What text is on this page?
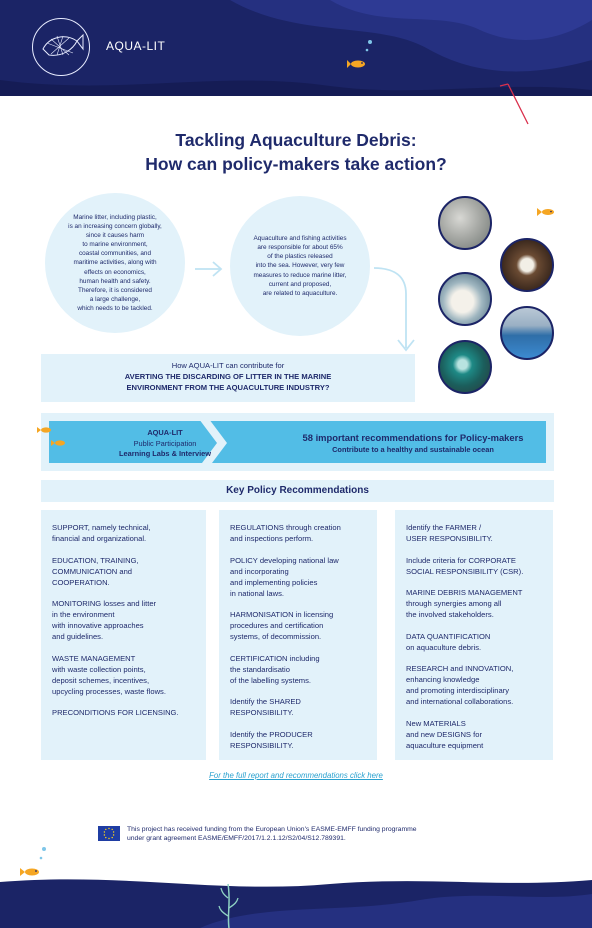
AQUA-LIT
Tackling Aquaculture Debris:
How can policy-makers take action?
Marine litter, including plastic,
is an increasing concern globally,
since it causes harm
to marine environment,
coastal communities, and
maritime activities, along with
effects on economics,
human health and safety.
Therefore, it is considered
a large challenge,
which needs to be tackled.
Aquaculture and fishing activities
are responsible for about 65%
of the plastics released
into the sea. However, very few
measures to reduce marine litter,
current and proposed,
are related to aquaculture.
How AQUA-LIT can contribute for
AVERTING THE DISCARDING OF LITTER IN THE MARINE
ENVIRONMENT FROM THE AQUACULTURE INDUSTRY?
AQUA-LIT
Public Participation
Learning Labs & Interview
58 important recommendations for Policy-makers
Contribute to a healthy and sustainable ocean
Key Policy Recommendations

SUPPORT, namely technical,
financial and organizational.

EDUCATION, TRAINING,
COMMUNICATION and
COOPERATION.

MONITORING losses and litter
in the environment
with innovative approaches
and guidelines.

WASTE MANAGEMENT
with waste collection points,
deposit schemes, incentives,
upcycling processes, waste flows.

PRECONDITIONS FOR LICENSING.

REGULATIONS through creation
and inspections perform.

POLICY developing national law
and incorporating
and implementing policies
in national laws.

HARMONISATION in licensing
procedures and certification
systems, of decommission.

CERTIFICATION including
the standardisatio
of the labelling systems.

Identify the SHARED
RESPONSIBILITY.

Identify the PRODUCER
RESPONSIBILITY.

Identify the FARMER /
USER RESPONSIBILITY.

Include criteria for CORPORATE
SOCIAL RESPONSIBILITY (CSR).

MARINE DEBRIS MANAGEMENT
through synergies among all
the involved stakeholders.

DATA QUANTIFICATION
on aquaculture debris.

RESEARCH and INNOVATION,
enhancing knowledge
and promoting interdisciplinary
and international collaborations.

New MATERIALS
and new DESIGNS for
aquaculture equipment

For the full report and recommendations click here
This project has received funding from the European Union's EASME-EMFF funding programme
under grant agreement EASME/EMFF/2017/1.2.1.12/S2/04/S12.789391.
